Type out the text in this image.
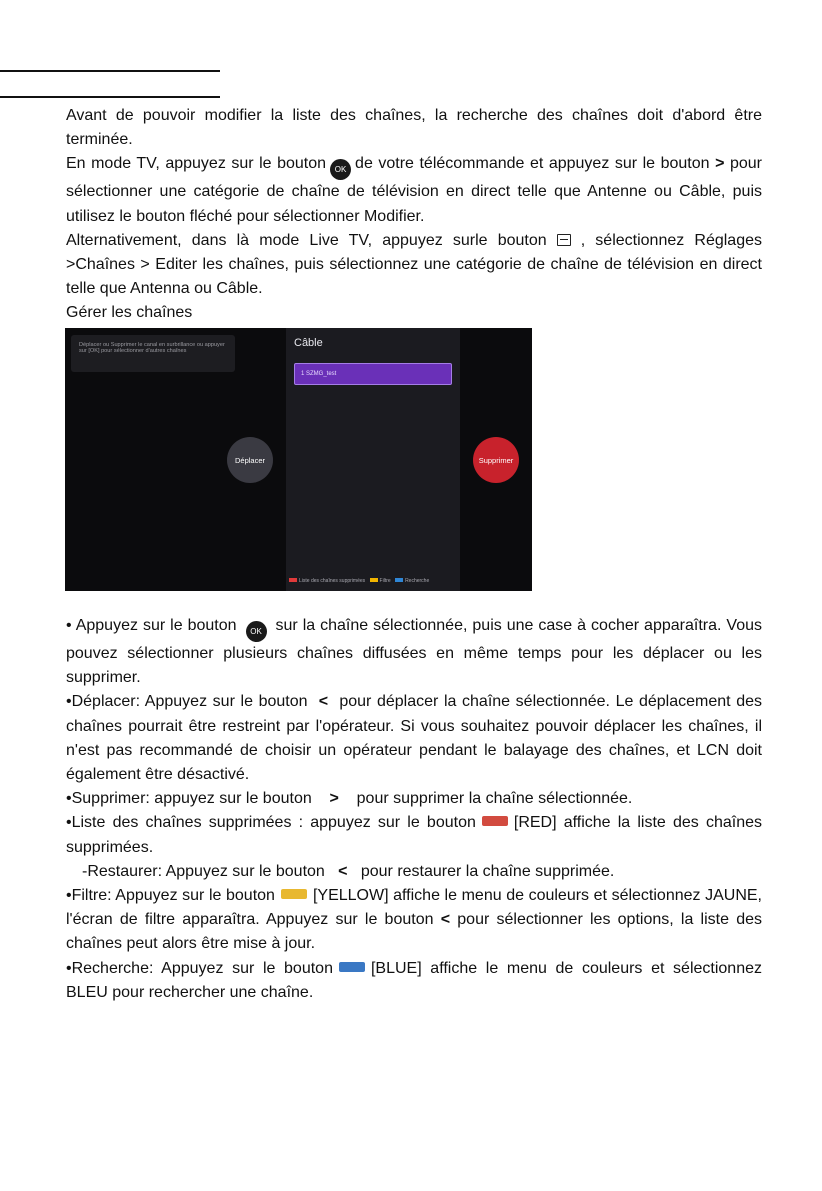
Avant de pouvoir modifier la liste des chaînes, la recherche des chaînes doit d'abord être terminée.

En mode TV, appuyez sur le bouton OK de votre télécommande et appuyez sur le bouton > pour sélectionner une catégorie de chaîne de télévision en direct telle que Antenne ou Câble, puis utilisez le bouton fléché pour sélectionner Modifier.

Alternativement, dans là mode Live TV, appuyez surle bouton , sélectionnez Réglages >Chaînes > Editer les chaînes, puis sélectionnez une catégorie de chaîne de télévision en direct telle que Antenna ou Câble.

Gérer les chaînes

Déplacer ou Supprimer le canal en surbrillance ou appuyer sur [OK] pour sélectionner d'autres chaînes
Câble
1 SZMG_test
Déplacer	Supprimer
Liste des chaînes supprimées	Filtre	Recherche

• Appuyez sur le bouton OK sur la chaîne sélectionnée, puis une case à cocher apparaîtra. Vous pouvez sélectionner plusieurs chaînes diffusées en même temps pour les déplacer ou les supprimer.

•Déplacer: Appuyez sur le bouton < pour déplacer la chaîne sélectionnée. Le déplacement des chaînes pourrait être restreint par l'opérateur. Si vous souhaitez pouvoir déplacer les chaînes, il n'est pas recommandé de choisir un opérateur pendant le balayage des chaînes, et LCN doit également être désactivé.

•Supprimer: appuyez sur le bouton > pour supprimer la chaîne sélectionnée.

•Liste des chaînes supprimées : appuyez sur le bouton [RED] affiche la liste des chaînes supprimées.

-Restaurer: Appuyez sur le bouton < pour restaurer la chaîne supprimée.

•Filtre: Appuyez sur le bouton [YELLOW] affiche le menu de couleurs et sélectionnez JAUNE, l'écran de filtre apparaîtra. Appuyez sur le bouton < pour sélectionner les options, la liste des chaînes peut alors être mise à jour.

•Recherche: Appuyez sur le bouton [BLUE] affiche le menu de couleurs et sélectionnez BLEU pour rechercher une chaîne.
